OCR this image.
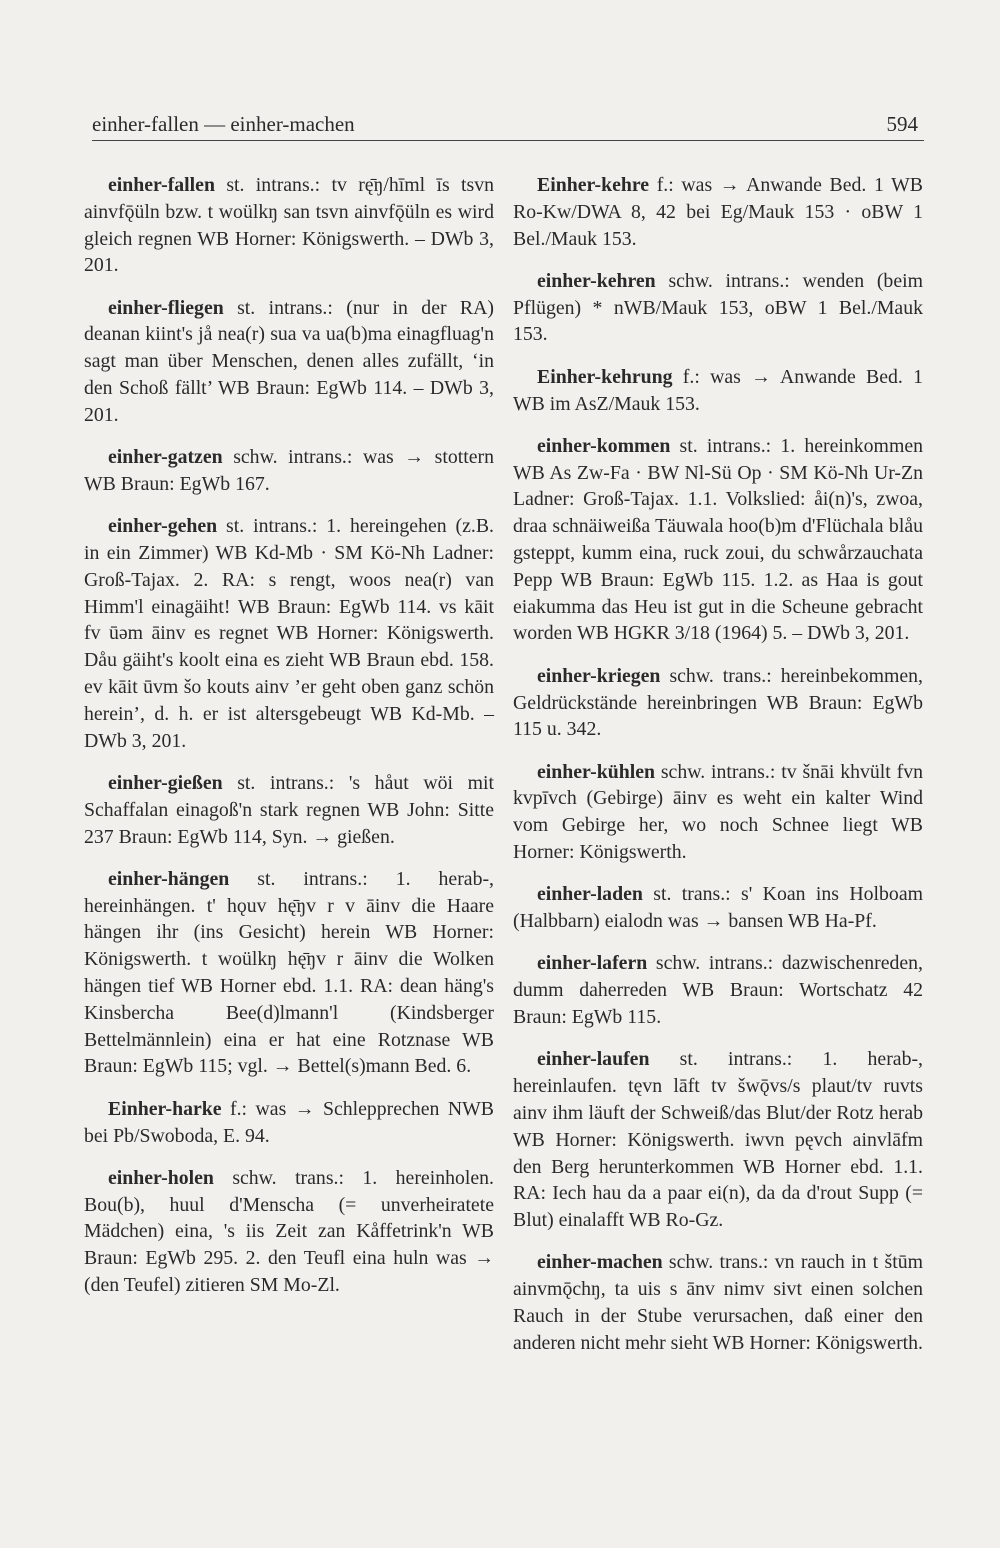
einher-fallen — einher-machen	594

einher-fallen st. intrans.: tv rę̄ŋ/hīml īs tsvn ainvfǭüln bzw. t woülkŋ san tsvn ainvfǭüln es wird gleich regnen WB Horner: Königswerth. – DWb 3, 201.

einher-fliegen st. intrans.: (nur in der RA) deanan kiint's jå nea(r) sua va ua(b)ma einagfluag'n sagt man über Menschen, denen alles zufällt, ‘in den Schoß fällt’ WB Braun: EgWb 114. – DWb 3, 201.

einher-gatzen schw. intrans.: was → stottern WB Braun: EgWb 167.

einher-gehen st. intrans.: 1. hereingehen (z.B. in ein Zimmer) WB Kd-Mb · SM Kö-Nh Ladner: Groß-Tajax. 2. RA: s rengt, woos nea(r) van Himm'l einagäiht! WB Braun: EgWb 114. vs kāit fv ūəm āinv es regnet WB Horner: Königswerth. Dåu gäiht's koolt eina es zieht WB Braun ebd. 158. ev kāit ūvm šo kouts ainv ’er geht oben ganz schön herein’, d. h. er ist altersgebeugt WB Kd-Mb. – DWb 3, 201.

einher-gießen st. intrans.: 's håut wöi mit Schaffalan einagoß'n stark regnen WB John: Sitte 237 Braun: EgWb 114, Syn. → gießen.

einher-hängen st. intrans.: 1. herab-, hereinhängen. t' hǫuv hę̄ŋv r v āinv die Haare hängen ihr (ins Gesicht) herein WB Horner: Königswerth. t woülkŋ hę̄ŋv r āinv die Wolken hängen tief WB Horner ebd. 1.1. RA: dean häng's Kinsbercha Bee(d)lmann'l (Kindsberger Bettelmännlein) eina er hat eine Rotznase WB Braun: EgWb 115; vgl. → Bettel(s)mann Bed. 6.

Einher-harke f.: was → Schlepprechen NWB bei Pb/Swoboda, E. 94.

einher-holen schw. trans.: 1. hereinholen. Bou(b), huul d'Menscha (= unverheiratete Mädchen) eina, 's iis Zeit zan Kåffetrink'n WB Braun: EgWb 295. 2. den Teufl eina huln was → (den Teufel) zitieren SM Mo-Zl.

Einher-kehre f.: was → Anwande Bed. 1 WB Ro-Kw/DWA 8, 42 bei Eg/Mauk 153 · oBW 1 Bel./Mauk 153.

einher-kehren schw. intrans.: wenden (beim Pflügen) * nWB/Mauk 153, oBW 1 Bel./Mauk 153.

Einher-kehrung f.: was → Anwande Bed. 1 WB im AsZ/Mauk 153.

einher-kommen st. intrans.: 1. hereinkommen WB As Zw-Fa · BW Nl-Sü Op · SM Kö-Nh Ur-Zn Ladner: Groß-Tajax. 1.1. Volkslied: åi(n)'s, zwoa, draa schnäiweißa Täuwala hoo(b)m d'Flüchala blåu gsteppt, kumm eina, ruck zoui, du schwårzauchata Pepp WB Braun: EgWb 115. 1.2. as Haa is gout eiakumma das Heu ist gut in die Scheune gebracht worden WB HGKR 3/18 (1964) 5. – DWb 3, 201.

einher-kriegen schw. trans.: hereinbekommen, Geldrückstände hereinbringen WB Braun: EgWb 115 u. 342.

einher-kühlen schw. intrans.: tv šnāi khvült fvn kvpīvch (Gebirge) āinv es weht ein kalter Wind vom Gebirge her, wo noch Schnee liegt WB Horner: Königswerth.

einher-laden st. trans.: s' Koan ins Holboam (Halbbarn) eialodn was → bansen WB Ha-Pf.

einher-lafern schw. intrans.: dazwischenreden, dumm daherreden WB Braun: Wortschatz 42 Braun: EgWb 115.

einher-laufen st. intrans.: 1. herab-, hereinlaufen. tęvn lāft tv šwǭvs/s plaut/tv ruvts ainv ihm läuft der Schweiß/das Blut/der Rotz herab WB Horner: Königswerth. iwvn pęvch ainvlāfm den Berg herunterkommen WB Horner ebd. 1.1. RA: Iech hau da a paar ei(n), da da d'rout Supp (= Blut) einalafft WB Ro-Gz.

einher-machen schw. trans.: vn rauch in t štūm ainvmǭchŋ, ta uis s ānv nimv sivt einen solchen Rauch in der Stube verursachen, daß einer den anderen nicht mehr sieht WB Horner: Königswerth.
